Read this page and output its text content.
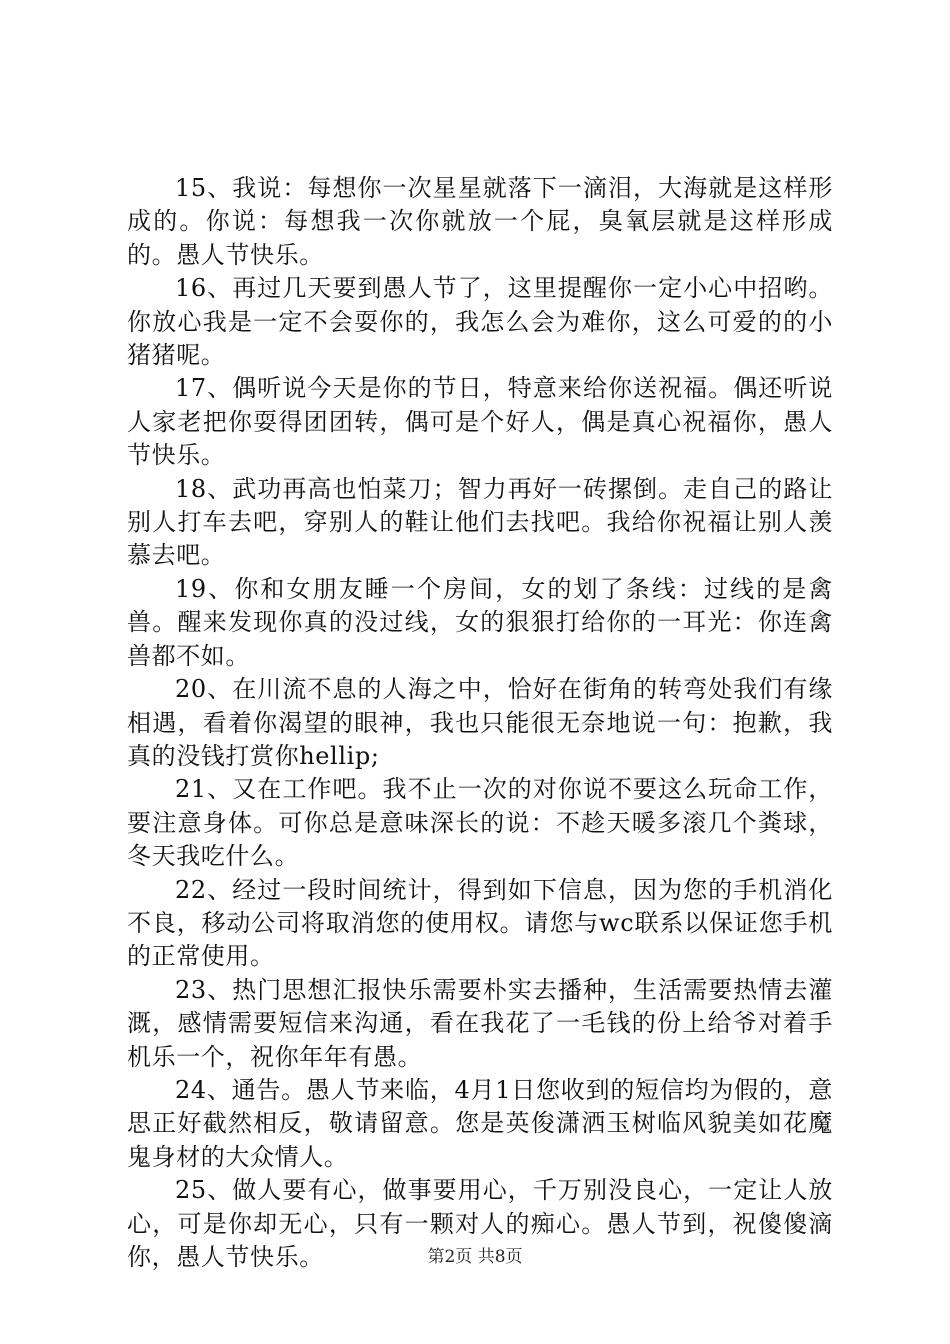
15、我说：每想你一次星星就落下一滴泪，大海就是这样形成的。你说：每想我一次你就放一个屁，臭氧层就是这样形成的。愚人节快乐。

16、再过几天要到愚人节了，这里提醒你一定小心中招哟。你放心我是一定不会耍你的，我怎么会为难你，这么可爱的的小猪猪呢。

17、偶听说今天是你的节日，特意来给你送祝福。偶还听说人家老把你耍得团团转，偶可是个好人，偶是真心祝福你，愚人节快乐。

18、武功再高也怕菜刀；智力再好一砖摞倒。走自己的路让别人打车去吧，穿别人的鞋让他们去找吧。我给你祝福让别人羡慕去吧。

19、你和女朋友睡一个房间，女的划了条线：过线的是禽兽。醒来发现你真的没过线，女的狠狠打给你的一耳光：你连禽兽都不如。

20、在川流不息的人海之中，恰好在街角的转弯处我们有缘相遇，看着你渴望的眼神，我也只能很无奈地说一句：抱歉，我真的没钱打赏你hellip;

21、又在工作吧。我不止一次的对你说不要这么玩命工作，要注意身体。可你总是意味深长的说：不趁天暖多滚几个粪球，冬天我吃什么。

22、经过一段时间统计，得到如下信息，因为您的手机消化不良，移动公司将取消您的使用权。请您与wc联系以保证您手机的正常使用。

23、热门思想汇报快乐需要朴实去播种，生活需要热情去灌溉，感情需要短信来沟通，看在我花了一毛钱的份上给爷对着手机乐一个，祝你年年有愚。

24、通告。愚人节来临，4月1日您收到的短信均为假的，意思正好截然相反，敬请留意。您是英俊潇洒玉树临风貌美如花魔鬼身材的大众情人。

25、做人要有心，做事要用心，千万别没良心，一定让人放心，可是你却无心，只有一颗对人的痴心。愚人节到，祝傻傻滴你，愚人节快乐。	第2页 共8页
